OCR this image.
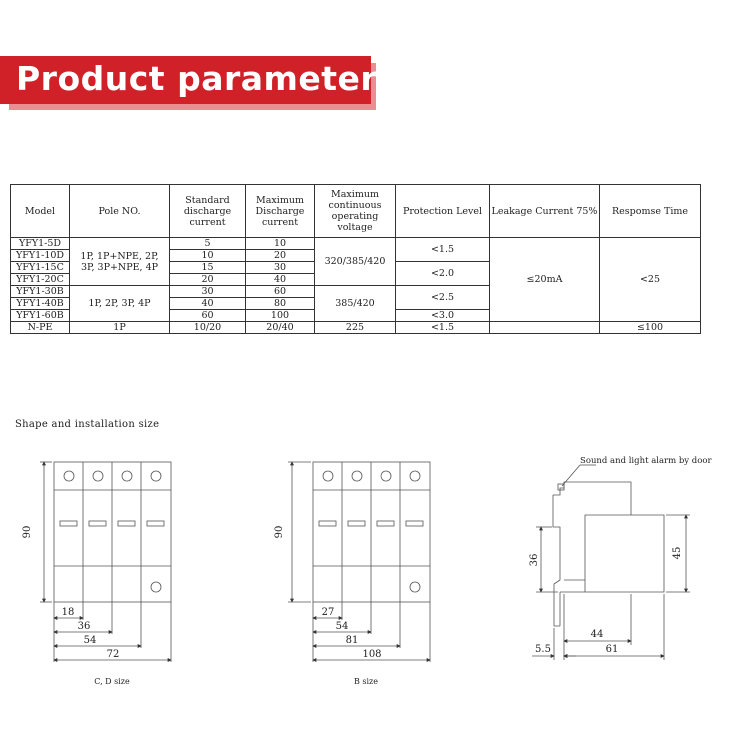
Product parameters
Model	Pole NO.	Standard discharge current	Maximum Discharge current	Maximum continuous operating voltage	Protection Level	Leakage Current 75%	Respomse Time
YFY1-5D	1P, 1P+NPE, 2P, 3P, 3P+NPE, 4P	5	10	320/385/420	<1.5	≤20mA	<25
YFY1-10D		10	20				
YFY1-15C		15	30		<2.0		
YFY1-20C		20	40				
YFY1-30B	1P, 2P, 3P, 4P	30	60	385/420	<2.5		
YFY1-40B		40	80				
YFY1-60B		60	100		<3.0		
N-PE	1P	10/20	20/40	225	<1.5		≤100
Shape and installation size
90
18
36
54
72
C, D size
90
27
54
81
108
B size
Sound and light alarm by door
36
45
44
61
5.5
